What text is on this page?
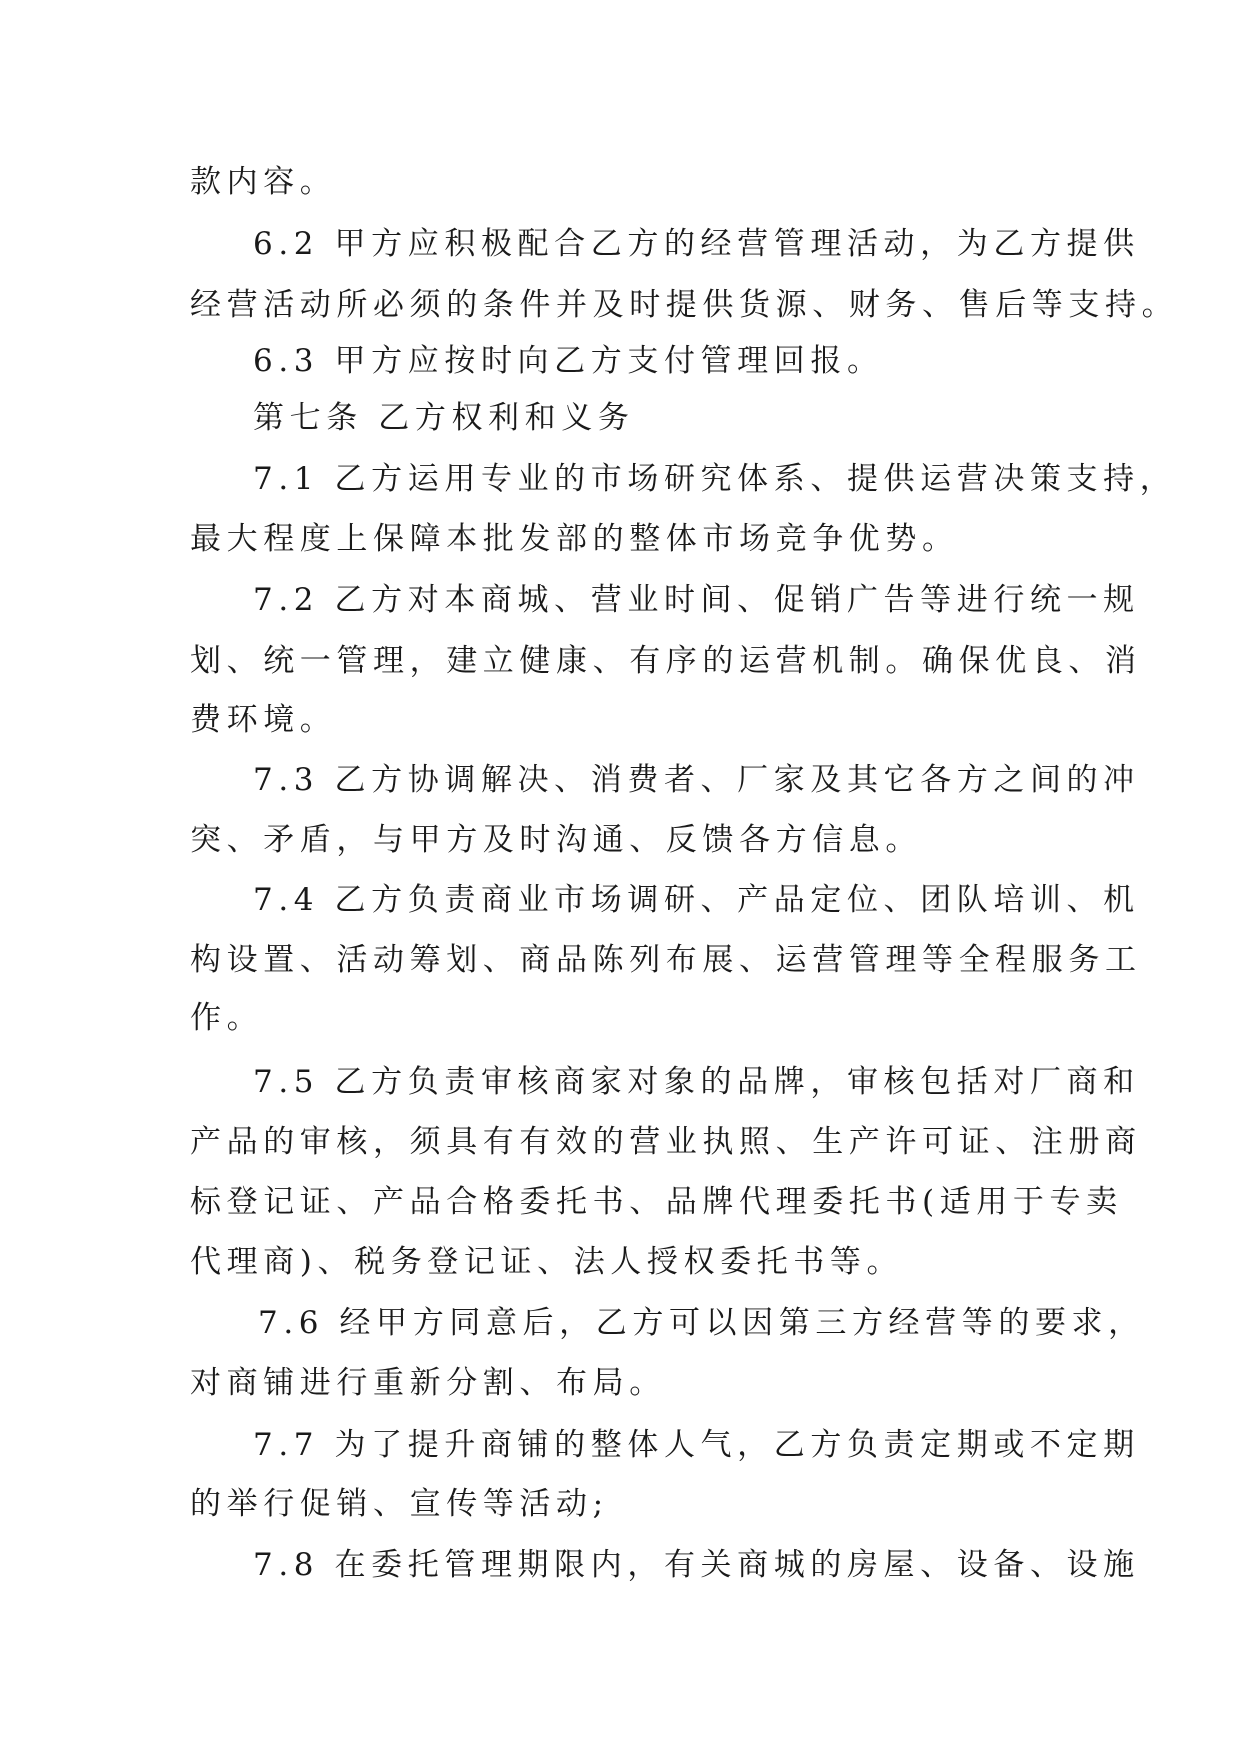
款内容。
6.2 甲方应积极配合乙方的经营管理活动，为乙方提供
经营活动所必须的条件并及时提供货源、财务、售后等支持。
6.3 甲方应按时向乙方支付管理回报。
第七条 乙方权利和义务
7.1 乙方运用专业的市场研究体系、提供运营决策支持，
最大程度上保障本批发部的整体市场竞争优势。
7.2 乙方对本商城、营业时间、促销广告等进行统一规
划、统一管理，建立健康、有序的运营机制。确保优良、消
费环境。
7.3 乙方协调解决、消费者、厂家及其它各方之间的冲
突、矛盾，与甲方及时沟通、反馈各方信息。
7.4 乙方负责商业市场调研、产品定位、团队培训、机
构设置、活动筹划、商品陈列布展、运营管理等全程服务工
作。
7.5 乙方负责审核商家对象的品牌，审核包括对厂商和
产品的审核，须具有有效的营业执照、生产许可证、注册商
标登记证、产品合格委托书、品牌代理委托书(适用于专卖
代理商)、税务登记证、法人授权委托书等。
7.6 经甲方同意后，乙方可以因第三方经营等的要求，
对商铺进行重新分割、布局。
7.7 为了提升商铺的整体人气，乙方负责定期或不定期
的举行促销、宣传等活动;
7.8 在委托管理期限内，有关商城的房屋、设备、设施
